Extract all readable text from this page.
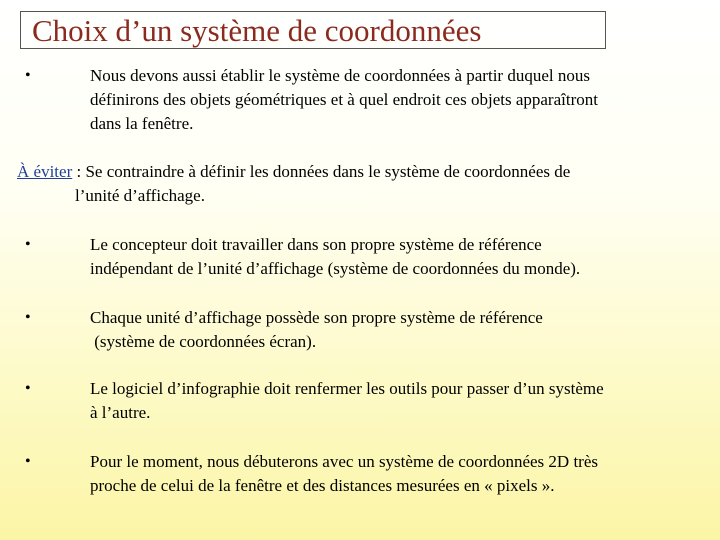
Choix d’un système de coordonnées
•	Nous devons aussi établir le système de coordonnées à partir duquel nous
définirons des objets géométriques et à quel endroit ces objets apparaîtront
dans la fenêtre.
À éviter : Se contraindre à définir les données dans le système de coordonnées de
l’unité d’affichage.
•	Le concepteur doit travailler dans son propre système de référence
indépendant de l’unité d’affichage (système de coordonnées du monde).
•	Chaque unité d’affichage possède son propre système de référence
(système de coordonnées écran).
•	Le logiciel d’infographie doit renfermer les outils pour passer d’un système
à l’autre.
•	Pour le moment, nous débuterons avec un système de coordonnées 2D très
proche de celui de la fenêtre et des distances mesurées en « pixels ».
